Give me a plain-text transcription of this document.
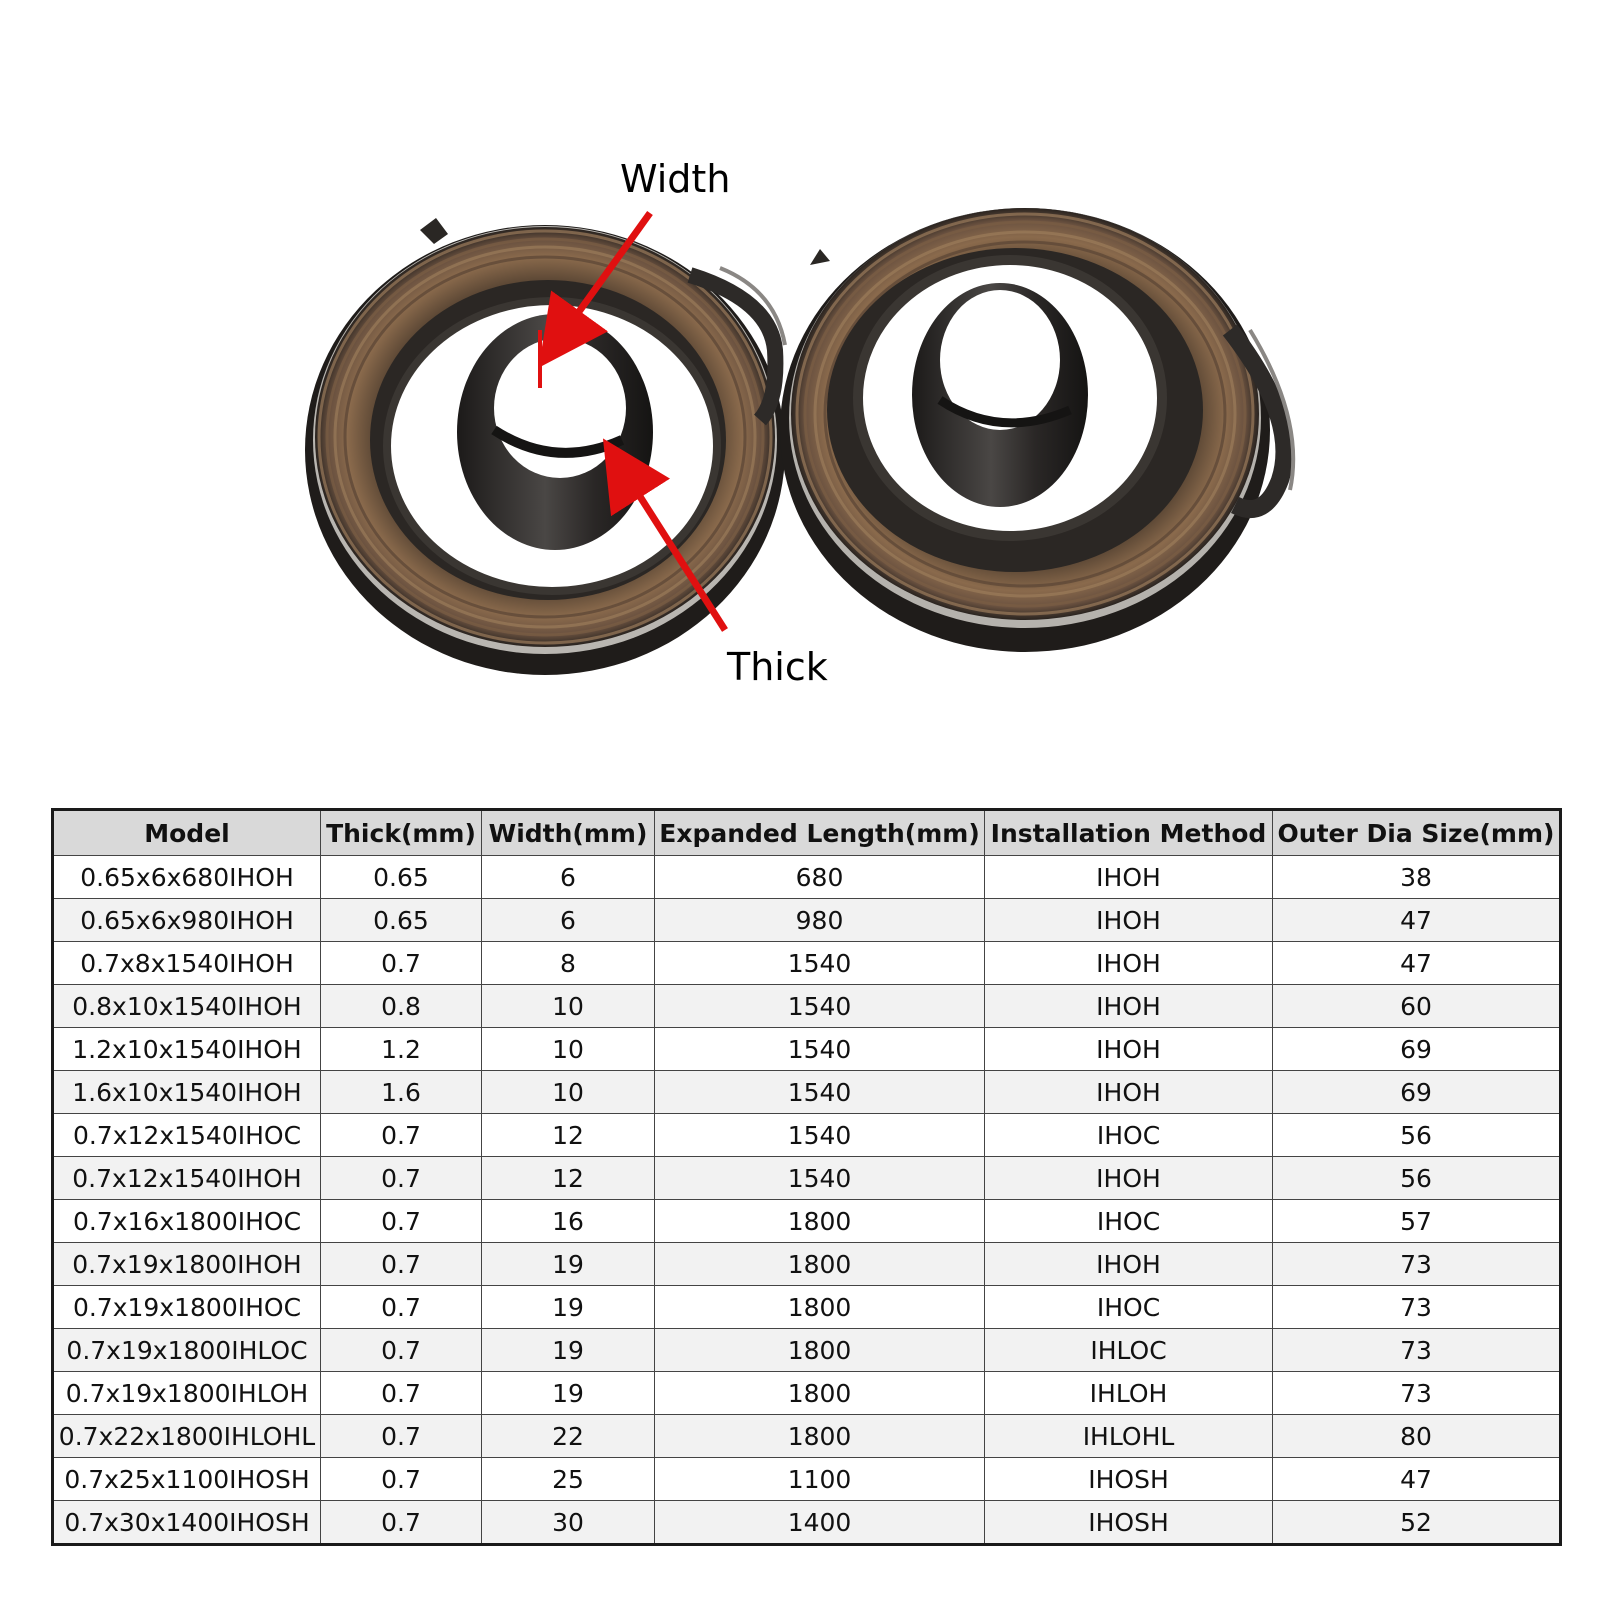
Width
Thick
Model	Thick(mm)	Width(mm)	Expanded Length(mm)	Installation Method	Outer Dia Size(mm)
0.65x6x680IHOH	0.65	6	680	IHOH	38
0.65x6x980IHOH	0.65	6	980	IHOH	47
0.7x8x1540IHOH	0.7	8	1540	IHOH	47
0.8x10x1540IHOH	0.8	10	1540	IHOH	60
1.2x10x1540IHOH	1.2	10	1540	IHOH	69
1.6x10x1540IHOH	1.6	10	1540	IHOH	69
0.7x12x1540IHOC	0.7	12	1540	IHOC	56
0.7x12x1540IHOH	0.7	12	1540	IHOH	56
0.7x16x1800IHOC	0.7	16	1800	IHOC	57
0.7x19x1800IHOH	0.7	19	1800	IHOH	73
0.7x19x1800IHOC	0.7	19	1800	IHOC	73
0.7x19x1800IHLOC	0.7	19	1800	IHLOC	73
0.7x19x1800IHLOH	0.7	19	1800	IHLOH	73
0.7x22x1800IHLOHL	0.7	22	1800	IHLOHL	80
0.7x25x1100IHOSH	0.7	25	1100	IHOSH	47
0.7x30x1400IHOSH	0.7	30	1400	IHOSH	52
